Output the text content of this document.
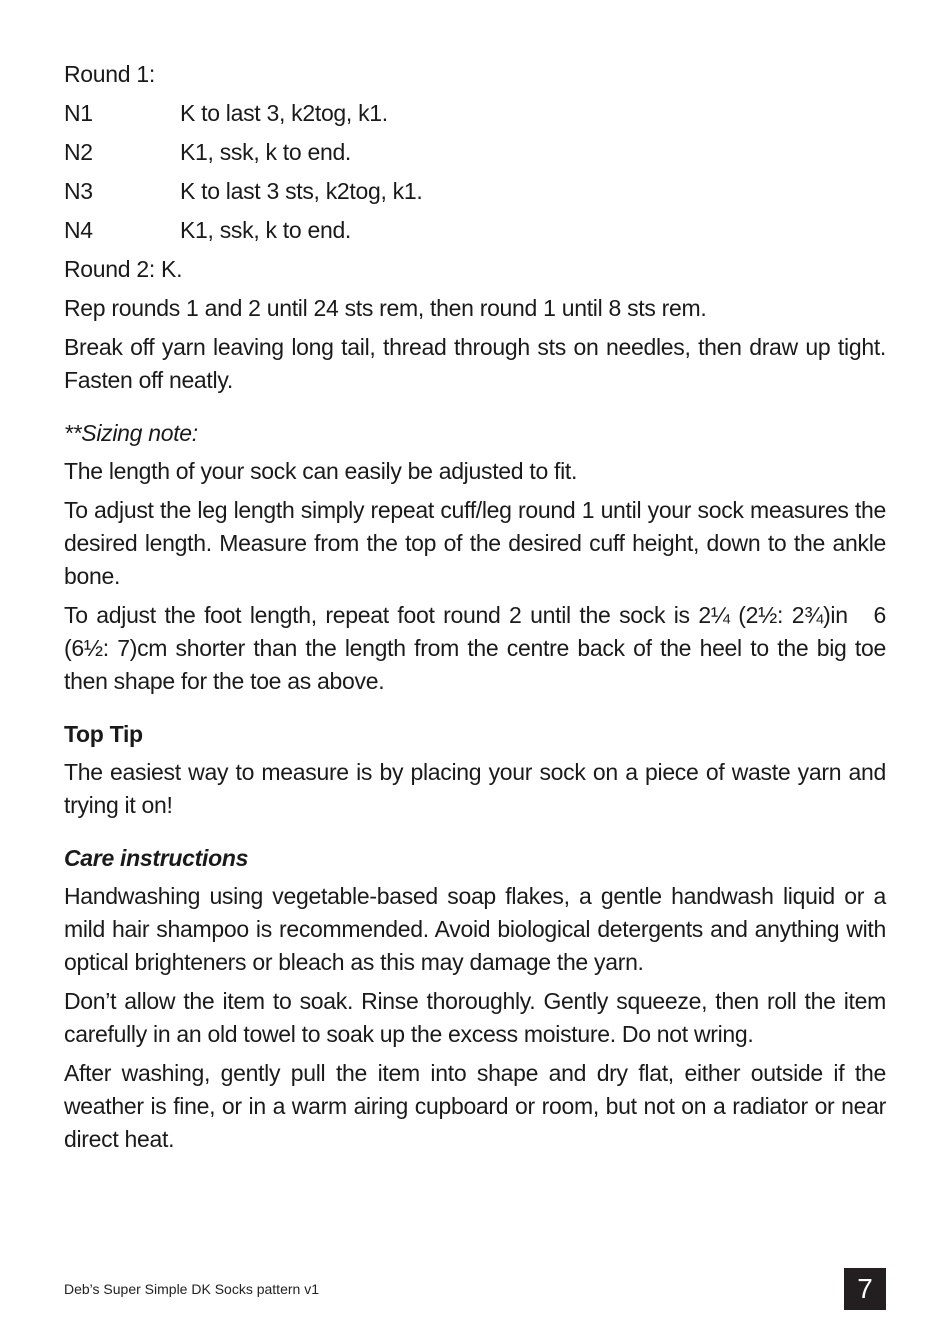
Round 1:

N1	K to last 3, k2tog, k1.
N2	K1, ssk, k to end.
N3	K to last 3 sts, k2tog, k1.
N4	K1, ssk, k to end.

Round 2: K.

Rep rounds 1 and 2 until 24 sts rem, then round 1 until 8 sts rem.

Break off yarn leaving long tail, thread through sts on needles, then draw up tight. Fasten off neatly.

**Sizing note:

The length of your sock can easily be adjusted to fit.

To adjust the leg length simply repeat cuff/leg round 1 until your sock measures the desired length. Measure from the top of the desired cuff height, down to the ankle bone.

To adjust the foot length, repeat foot round 2 until the sock is 2¼ (2½: 2¾)in   6 (6½: 7)cm shorter than the length from the centre back of the heel to the big toe then shape for the toe as above.

Top Tip

The easiest way to measure is by placing your sock on a piece of waste yarn and trying it on!

Care instructions

Handwashing using vegetable-based soap flakes, a gentle handwash liquid or a mild hair shampoo is recommended. Avoid biological detergents and anything with optical brighteners or bleach as this may damage the yarn.

Don’t allow the item to soak. Rinse thoroughly. Gently squeeze, then roll the item carefully in an old towel to soak up the excess moisture. Do not wring.

After washing, gently pull the item into shape and dry flat, either outside if the weather is fine, or in a warm airing cupboard or room, but not on a radiator or near direct heat.

Deb’s Super Simple DK Socks pattern v1	7
